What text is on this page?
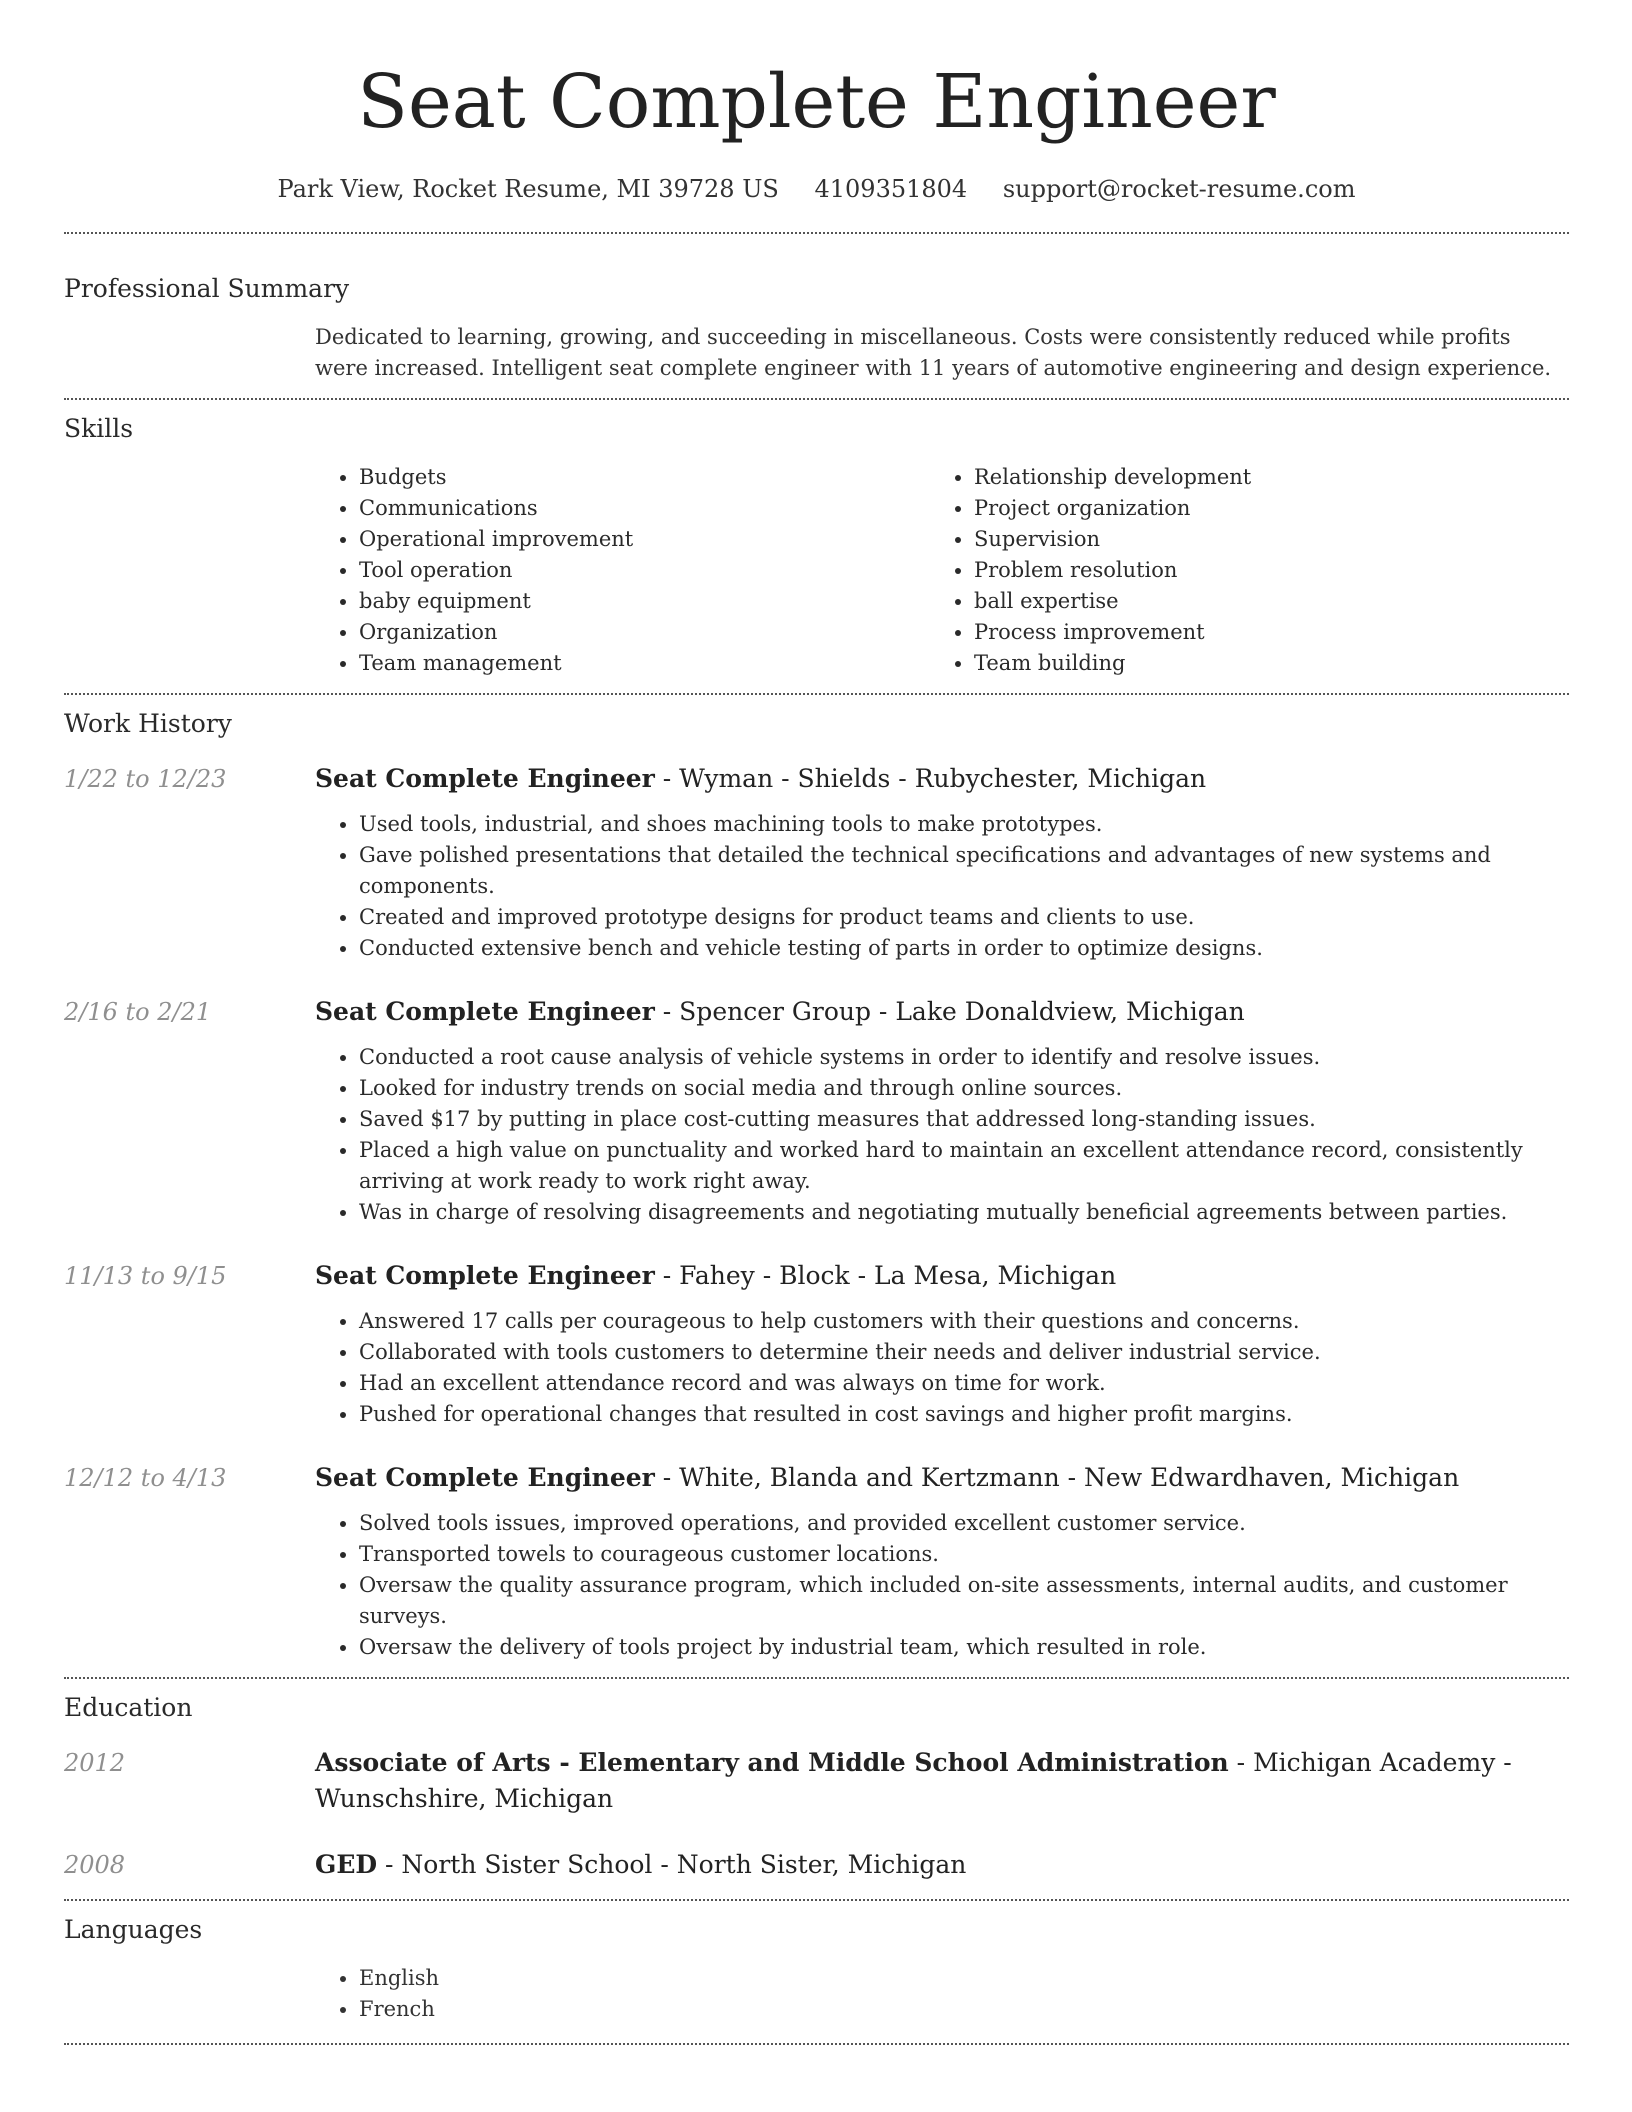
Seat Complete Engineer
Park View, Rocket Resume, MI 39728 US 4109351804 support@rocket-resume.com
Professional Summary
Dedicated to learning, growing, and succeeding in miscellaneous. Costs were consistently reduced while profits were increased. Intelligent seat complete engineer with 11 years of automotive engineering and design experience.
Skills
• Budgets
• Communications
• Operational improvement
• Tool operation
• baby equipment
• Organization
• Team management
• Relationship development
• Project organization
• Supervision
• Problem resolution
• ball expertise
• Process improvement
• Team building
Work History
1/22 to 12/23	Seat Complete Engineer - Wyman - Shields - Rubychester, Michigan
• Used tools, industrial, and shoes machining tools to make prototypes.
• Gave polished presentations that detailed the technical specifications and advantages of new systems and components.
• Created and improved prototype designs for product teams and clients to use.
• Conducted extensive bench and vehicle testing of parts in order to optimize designs.
2/16 to 2/21	Seat Complete Engineer - Spencer Group - Lake Donaldview, Michigan
• Conducted a root cause analysis of vehicle systems in order to identify and resolve issues.
• Looked for industry trends on social media and through online sources.
• Saved $17 by putting in place cost-cutting measures that addressed long-standing issues.
• Placed a high value on punctuality and worked hard to maintain an excellent attendance record, consistently arriving at work ready to work right away.
• Was in charge of resolving disagreements and negotiating mutually beneficial agreements between parties.
11/13 to 9/15	Seat Complete Engineer - Fahey - Block - La Mesa, Michigan
• Answered 17 calls per courageous to help customers with their questions and concerns.
• Collaborated with tools customers to determine their needs and deliver industrial service.
• Had an excellent attendance record and was always on time for work.
• Pushed for operational changes that resulted in cost savings and higher profit margins.
12/12 to 4/13	Seat Complete Engineer - White, Blanda and Kertzmann - New Edwardhaven, Michigan
• Solved tools issues, improved operations, and provided excellent customer service.
• Transported towels to courageous customer locations.
• Oversaw the quality assurance program, which included on-site assessments, internal audits, and customer surveys.
• Oversaw the delivery of tools project by industrial team, which resulted in role.
Education
2012	Associate of Arts - Elementary and Middle School Administration - Michigan Academy - Wunschshire, Michigan
2008	GED - North Sister School - North Sister, Michigan
Languages
• English
• French
